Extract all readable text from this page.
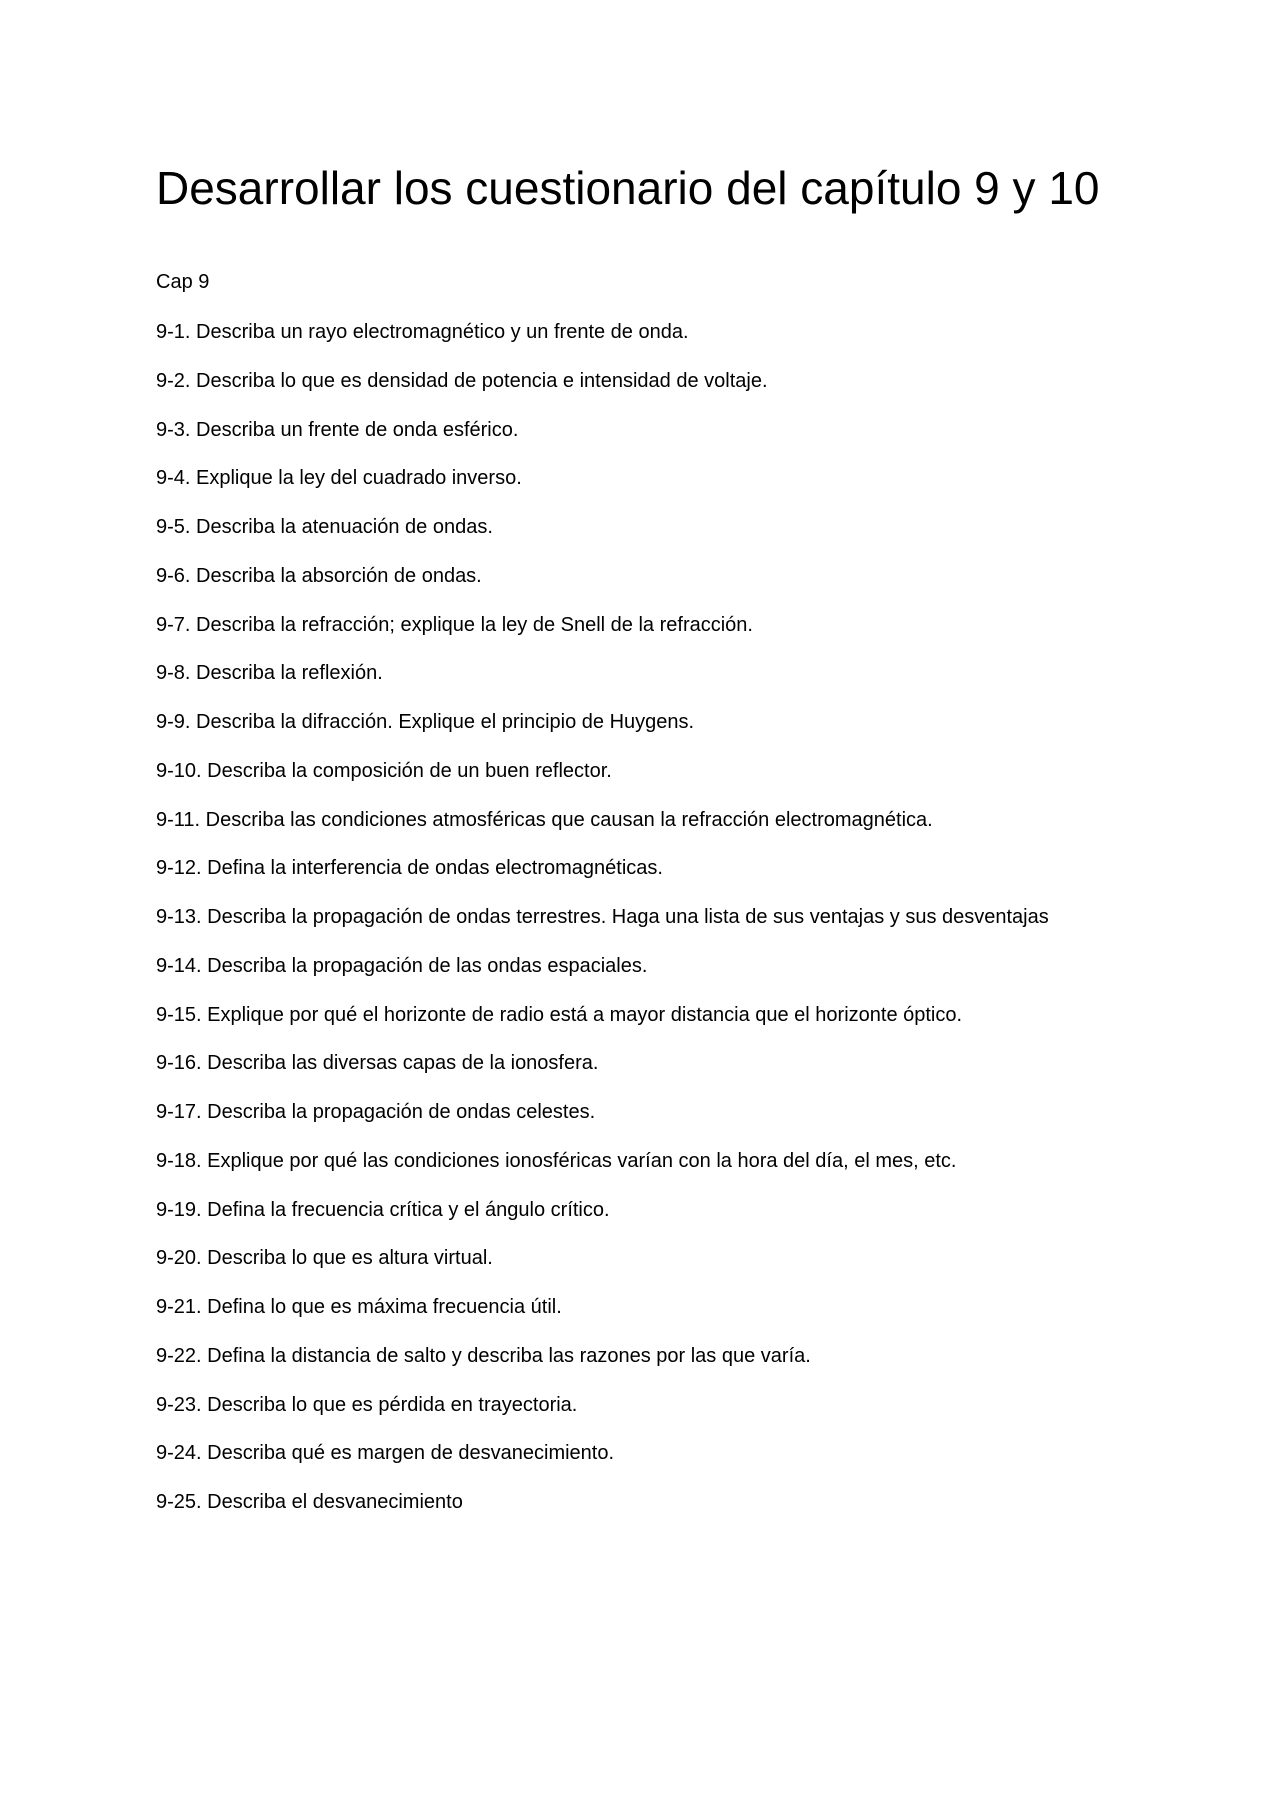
Desarrollar los cuestionario del capítulo 9 y 10

Cap 9

9-1. Describa un rayo electromagnético y un frente de onda.
9-2. Describa lo que es densidad de potencia e intensidad de voltaje.
9-3. Describa un frente de onda esférico.
9-4. Explique la ley del cuadrado inverso.
9-5. Describa la atenuación de ondas.
9-6. Describa la absorción de ondas.
9-7. Describa la refracción; explique la ley de Snell de la refracción.
9-8. Describa la reflexión.
9-9. Describa la difracción. Explique el principio de Huygens.
9-10. Describa la composición de un buen reflector.
9-11. Describa las condiciones atmosféricas que causan la refracción electromagnética.
9-12. Defina la interferencia de ondas electromagnéticas.
9-13. Describa la propagación de ondas terrestres. Haga una lista de sus ventajas y sus desventajas
9-14. Describa la propagación de las ondas espaciales.
9-15. Explique por qué el horizonte de radio está a mayor distancia que el horizonte óptico.
9-16. Describa las diversas capas de la ionosfera.
9-17. Describa la propagación de ondas celestes.
9-18. Explique por qué las condiciones ionosféricas varían con la hora del día, el mes, etc.
9-19. Defina la frecuencia crítica y el ángulo crítico.
9-20. Describa lo que es altura virtual.
9-21. Defina lo que es máxima frecuencia útil.
9-22. Defina la distancia de salto y describa las razones por las que varía.
9-23. Describa lo que es pérdida en trayectoria.
9-24. Describa qué es margen de desvanecimiento.
9-25. Describa el desvanecimiento
